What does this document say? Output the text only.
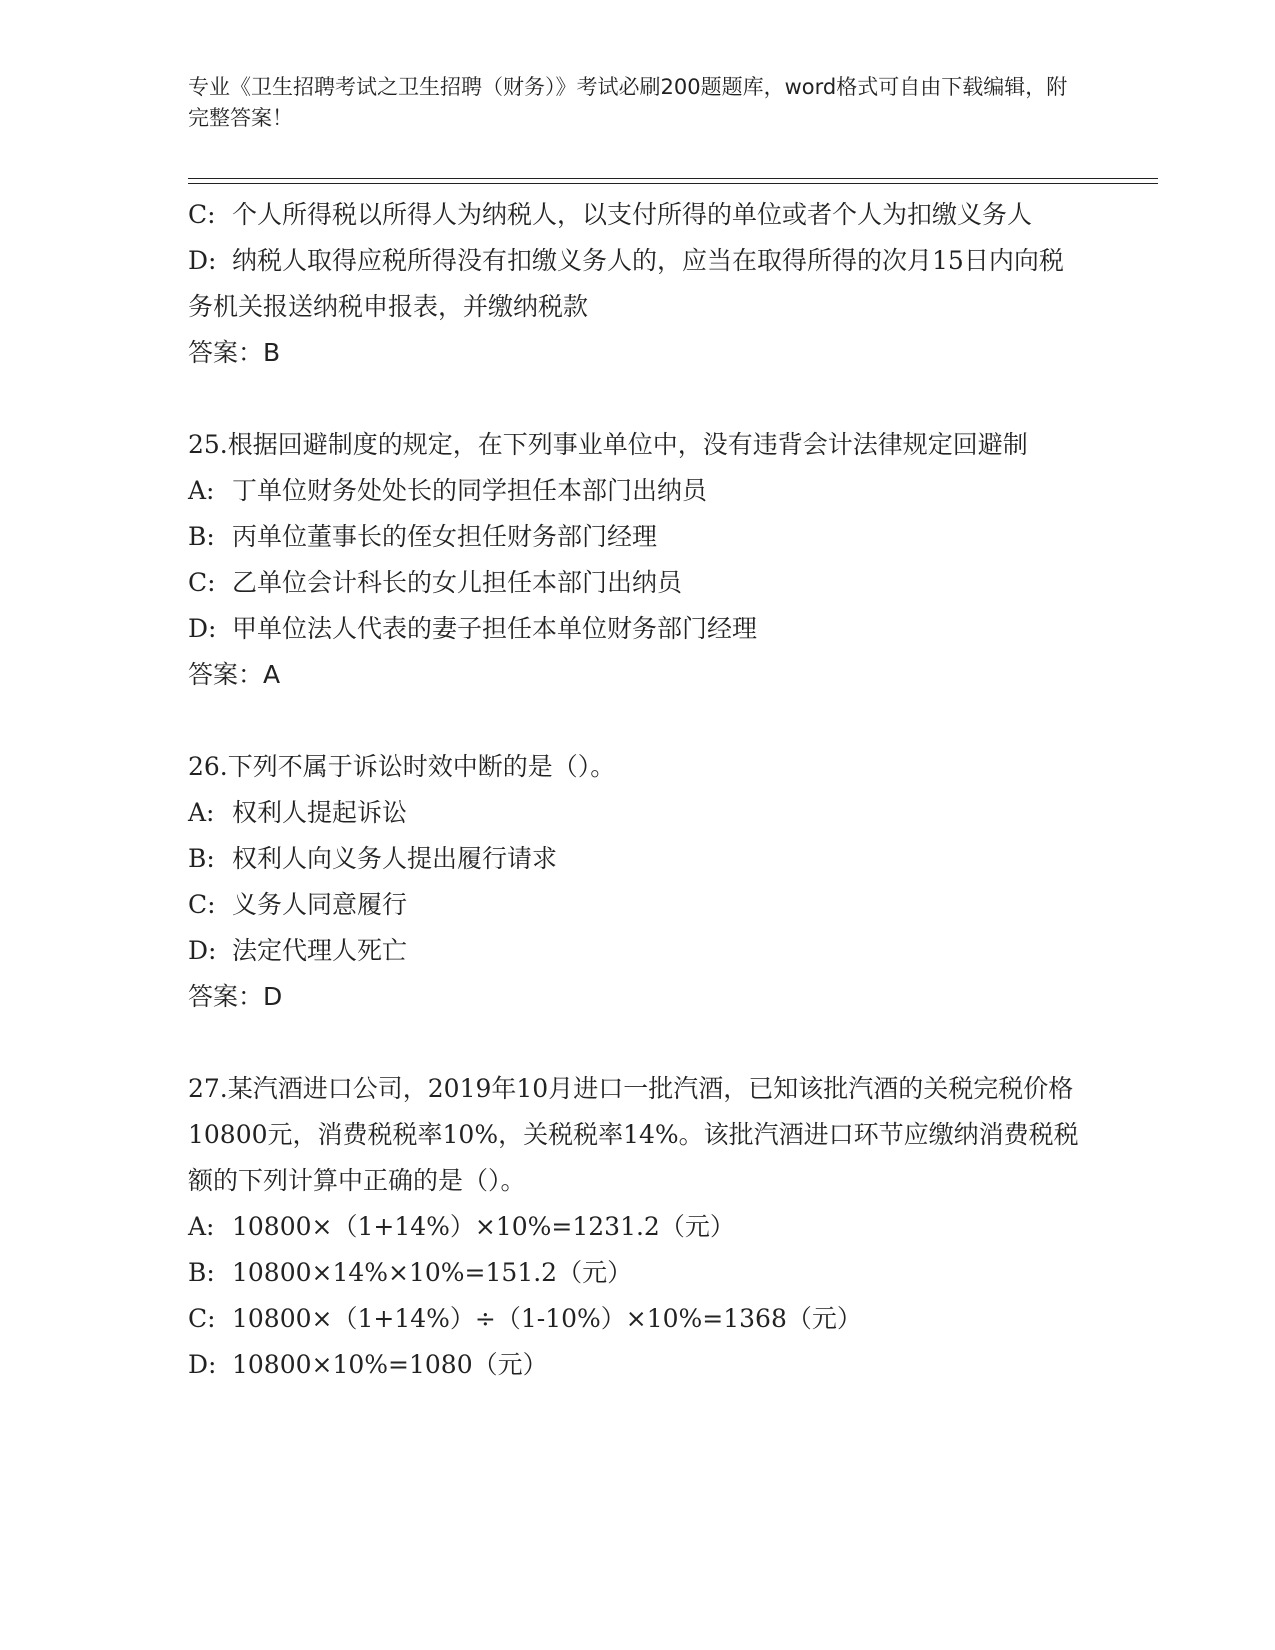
专业《卫生招聘考试之卫生招聘（财务）》考试必刷200题题库，word格式可自由下载编辑，附完整答案！
C: 个人所得税以所得人为纳税人，以支付所得的单位或者个人为扣缴义务人
D: 纳税人取得应税所得没有扣缴义务人的，应当在取得所得的次月15日内向税务机关报送纳税申报表，并缴纳税款
答案：B

25.根据回避制度的规定，在下列事业单位中，没有违背会计法律规定回避制

A: 丁单位财务处处长的同学担任本部门出纳员
B: 丙单位董事长的侄女担任财务部门经理
C: 乙单位会计科长的女儿担任本部门出纳员
D: 甲单位法人代表的妻子担任本单位财务部门经理
答案：A

26.下列不属于诉讼时效中断的是（）。

A: 权利人提起诉讼
B: 权利人向义务人提出履行请求
C: 义务人同意履行
D: 法定代理人死亡
答案：D

27.某汽酒进口公司，2019年10月进口一批汽酒，已知该批汽酒的关税完税价格10800元，消费税税率10%，关税税率14%。该批汽酒进口环节应缴纳消费税税额的下列计算中正确的是（）。

A: 10800×（1+14%）×10%=1231.2（元）
B: 10800×14%×10%=151.2（元）
C: 10800×（1+14%）÷（1-10%）×10%=1368（元）
D: 10800×10%=1080（元）
